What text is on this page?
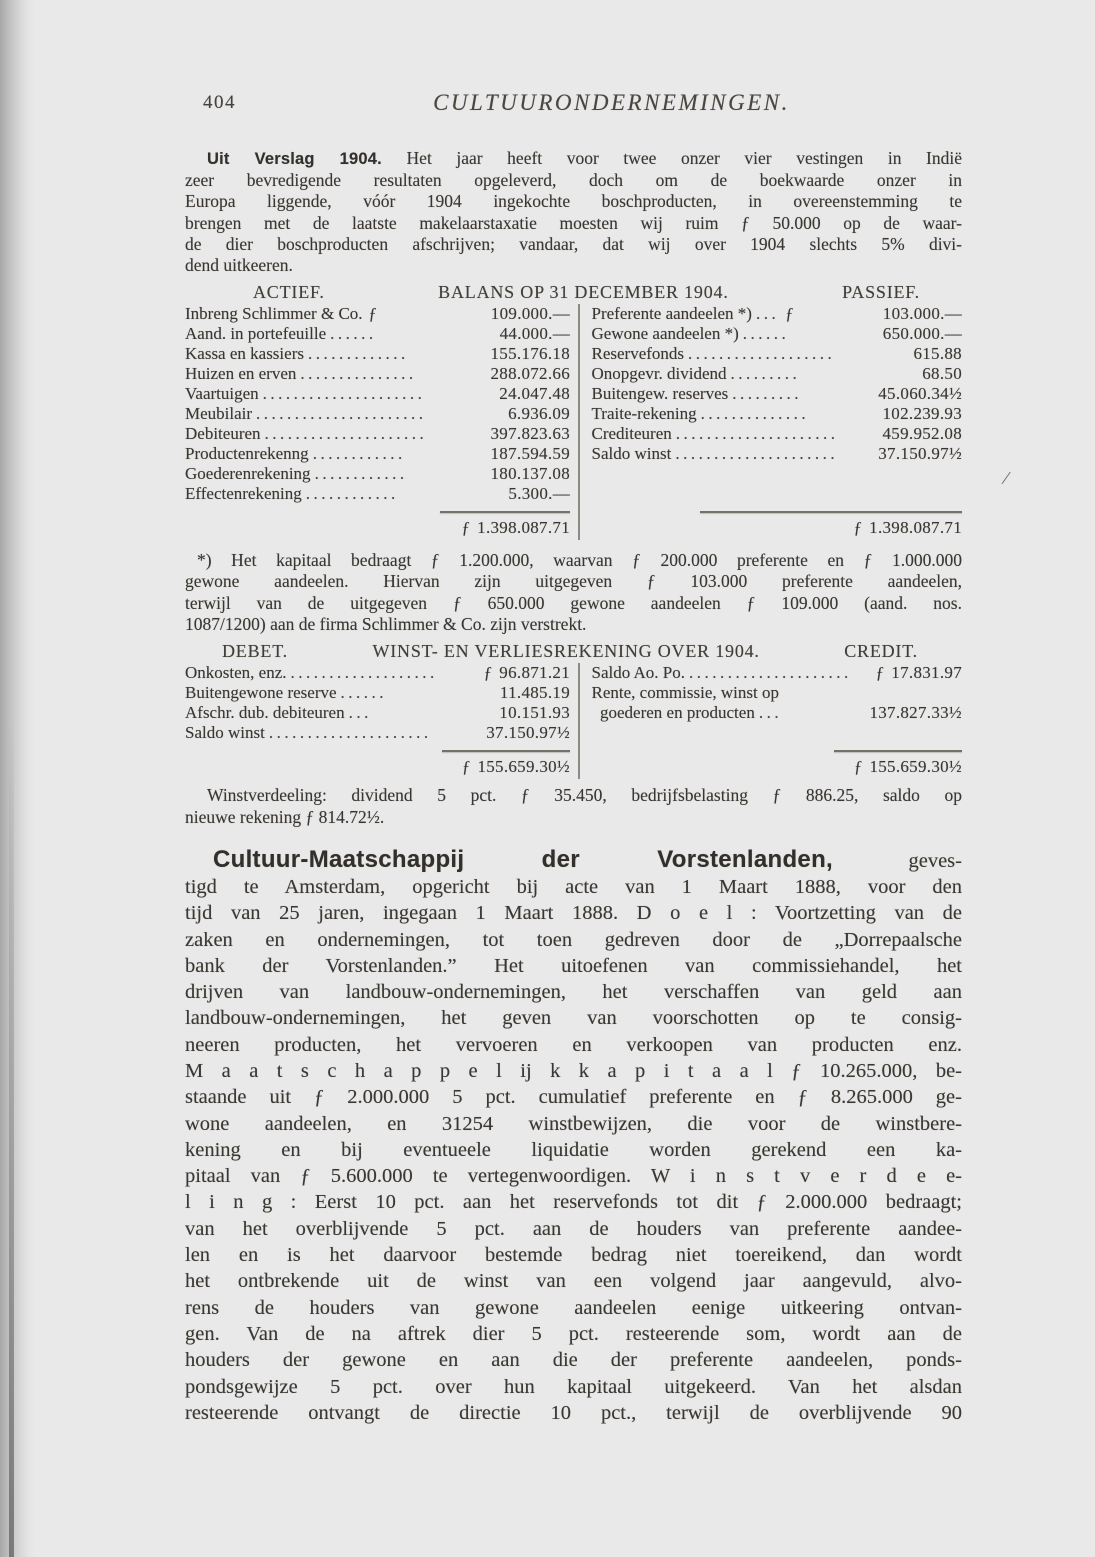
404	CULTUURONDERNEMINGEN.
Uit Verslag 1904. Het jaar heeft voor twee onzer vier vestingen in Indië
zeer bevredigende resultaten opgeleverd, doch om de boekwaarde onzer in
Europa liggende, vóór 1904 ingekochte boschproducten, in overeenstemming te
brengen met de laatste makelaarstaxatie moesten wij ruim ƒ 50.000 op de waar-
de dier boschproducten afschrijven; vandaar, dat wij over 1904 slechts 5% divi-
dend uitkeeren.
ACTIEF.	BALANS OP 31 DECEMBER 1904.	PASSIEF.
Inbreng Schlimmer & Co. ƒ	109.000.—
Aand. in portefeuille ......	44.000.—
Kassa en kassiers .............	155.176.18
Huizen en erven ...............	288.072.66
Vaartuigen .....................	24.047.48
Meubilair ......................	6.936.09
Debiteuren .....................	397.823.63
Productenrekenng ............	187.594.59
Goederenrekening ............	180.137.08
Effectenrekening ............	5.300.—
ƒ 1.398.087.71
Preferente aandeelen *) ... ƒ	103.000.—
Gewone aandeelen *) ......	650.000.—
Reservefonds ...................	615.88
Onopgevr. dividend .........	68.50
Buitengew. reserves .........	45.060.34½
Traite-rekening ..............	102.239.93
Crediteuren .....................	459.952.08
Saldo winst ..................... 37.150.97½
ƒ 1.398.087.71
*) Het kapitaal bedraagt ƒ 1.200.000, waarvan ƒ 200.000 preferente en ƒ 1.000.000
gewone aandeelen. Hiervan zijn uitgegeven ƒ 103.000 preferente aandeelen,
terwijl van de uitgegeven ƒ 650.000 gewone aandeelen ƒ 109.000 (aand. nos.
1087/1200) aan de firma Schlimmer & Co. zijn verstrekt.
DEBET.	WINST- EN VERLIESREKENING OVER 1904.	CREDIT.
Onkosten, enz. ...................	ƒ 96.871.21
Buitengewone reserve ......	11.485.19
Afschr. dub. debiteuren ...	10.151.93
Saldo winst .....................	37.150.97½
ƒ 155.659.30½
Saldo Ao. Po. .....................	ƒ 17.831.97
Rente, commissie, winst op
goederen en producten ...	137.827.33½
ƒ 155.659.30½
Winstverdeeling: dividend 5 pct. ƒ 35.450, bedrijfsbelasting ƒ 886.25, saldo op
nieuwe rekening ƒ 814.72½.
Cultuur-Maatschappij der Vorstenlanden,	geves-
tigd te Amsterdam, opgericht bij acte van 1 Maart 1888, voor den
tijd van 25 jaren, ingegaan 1 Maart 1888. D o e l : Voortzetting van de
zaken en ondernemingen, tot toen gedreven door de „Dorrepaalsche
bank der Vorstenlanden.” Het uitoefenen van commissiehandel, het
drijven van landbouw-ondernemingen, het verschaffen van geld aan
landbouw-ondernemingen, het geven van voorschotten op te consig-
neeren producten, het vervoeren en verkoopen van producten enz.
M a a t s c h a p p e l ij k k a p i t a a l ƒ 10.265.000, be-
staande uit ƒ 2.000.000 5 pct. cumulatief preferente en ƒ 8.265.000 ge-
wone aandeelen, en 31254 winstbewijzen, die voor de winstbere-
kening en bij eventueele liquidatie worden gerekend een ka-
pitaal van ƒ 5.600.000 te vertegenwoordigen. W i n s t v e r d e e-
l i n g : Eerst 10 pct. aan het reservefonds tot dit ƒ 2.000.000 bedraagt;
van het overblijvende 5 pct. aan de houders van preferente aandee-
len en is het daarvoor bestemde bedrag niet toereikend, dan wordt
het ontbrekende uit de winst van een volgend jaar aangevuld, alvo-
rens de houders van gewone aandeelen eenige uitkeering ontvan-
gen. Van de na aftrek dier 5 pct. resteerende som, wordt aan de
houders der gewone en aan die der preferente aandeelen, ponds-
pondsgewijze 5 pct. over hun kapitaal uitgekeerd. Van het alsdan
resteerende ontvangt de directie 10 pct., terwijl de overblijvende 90
/
